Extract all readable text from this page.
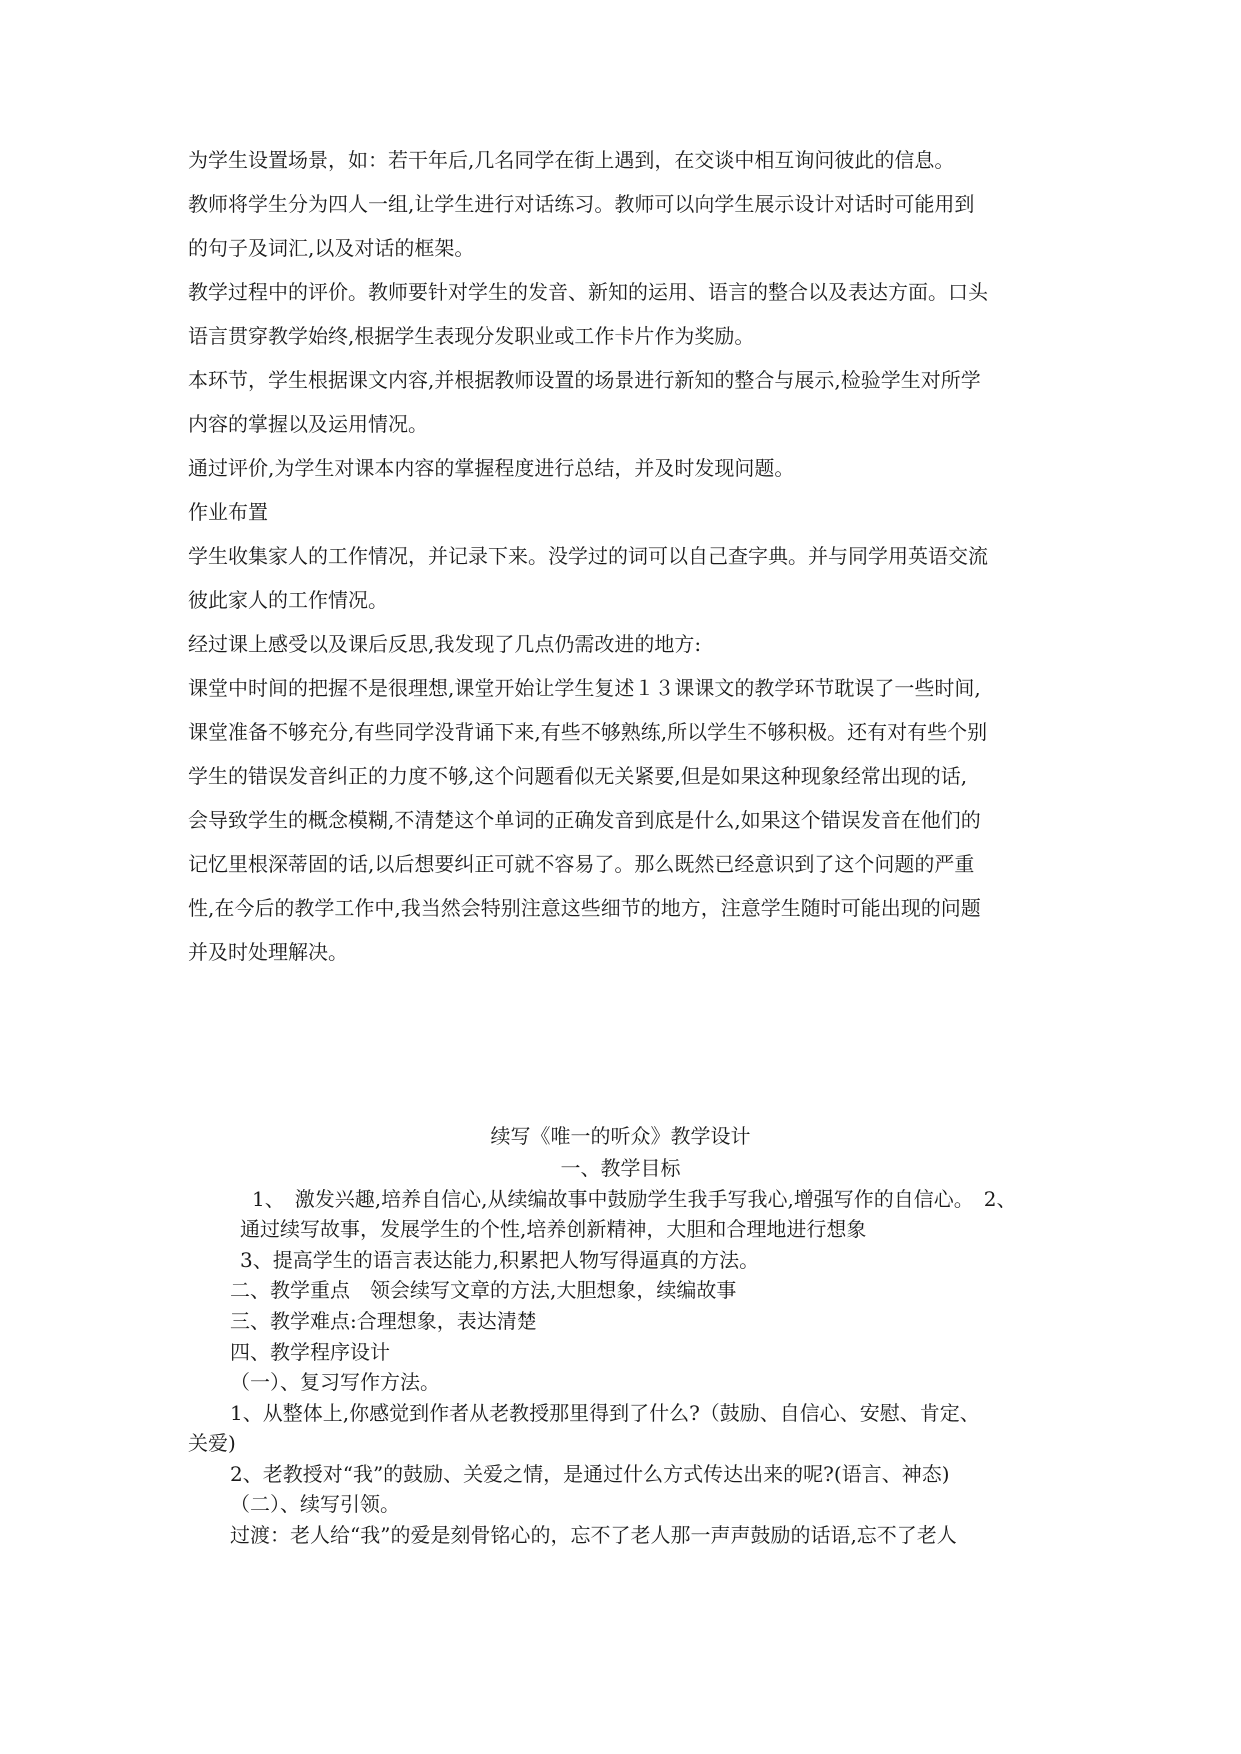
为学生设置场景，如：若干年后,几名同学在街上遇到，在交谈中相互询问彼此的信息。
教师将学生分为四人一组,让学生进行对话练习。教师可以向学生展示设计对话时可能用到
的句子及词汇,以及对话的框架。
教学过程中的评价。教师要针对学生的发音、新知的运用、语言的整合以及表达方面。口头
语言贯穿教学始终,根据学生表现分发职业或工作卡片作为奖励。
本环节，学生根据课文内容,并根据教师设置的场景进行新知的整合与展示,检验学生对所学
内容的掌握以及运用情况。
通过评价,为学生对课本内容的掌握程度进行总结，并及时发现问题。
作业布置
学生收集家人的工作情况，并记录下来。没学过的词可以自己查字典。并与同学用英语交流
彼此家人的工作情况。
经过课上感受以及课后反思,我发现了几点仍需改进的地方:
课堂中时间的把握不是很理想,课堂开始让学生复述１３课课文的教学环节耽误了一些时间,
课堂准备不够充分,有些同学没背诵下来,有些不够熟练,所以学生不够积极。还有对有些个别
学生的错误发音纠正的力度不够,这个问题看似无关紧要,但是如果这种现象经常出现的话,
会导致学生的概念模糊,不清楚这个单词的正确发音到底是什么,如果这个错误发音在他们的
记忆里根深蒂固的话,以后想要纠正可就不容易了。那么既然已经意识到了这个问题的严重
性,在今后的教学工作中,我当然会特别注意这些细节的地方，注意学生随时可能出现的问题
并及时处理解决。
续写《唯一的听众》教学设计
一、教学目标
1、　激发兴趣,培养自信心,从续编故事中鼓励学生我手写我心,增强写作的自信心。　2、
通过续写故事，发展学生的个性,培养创新精神，大胆和合理地进行想象
3、提高学生的语言表达能力,积累把人物写得逼真的方法。
二、教学重点　领会续写文章的方法,大胆想象，续编故事
三、教学难点:合理想象，表达清楚
四、教学程序设计
（一）、复习写作方法。
1、从整体上,你感觉到作者从老教授那里得到了什么?（鼓励、自信心、安慰、肯定、
关爱)
2、老教授对“我”的鼓励、关爱之情，是通过什么方式传达出来的呢?(语言、神态)
（二）、续写引领。
过渡：老人给“我”的爱是刻骨铭心的，忘不了老人那一声声鼓励的话语,忘不了老人
